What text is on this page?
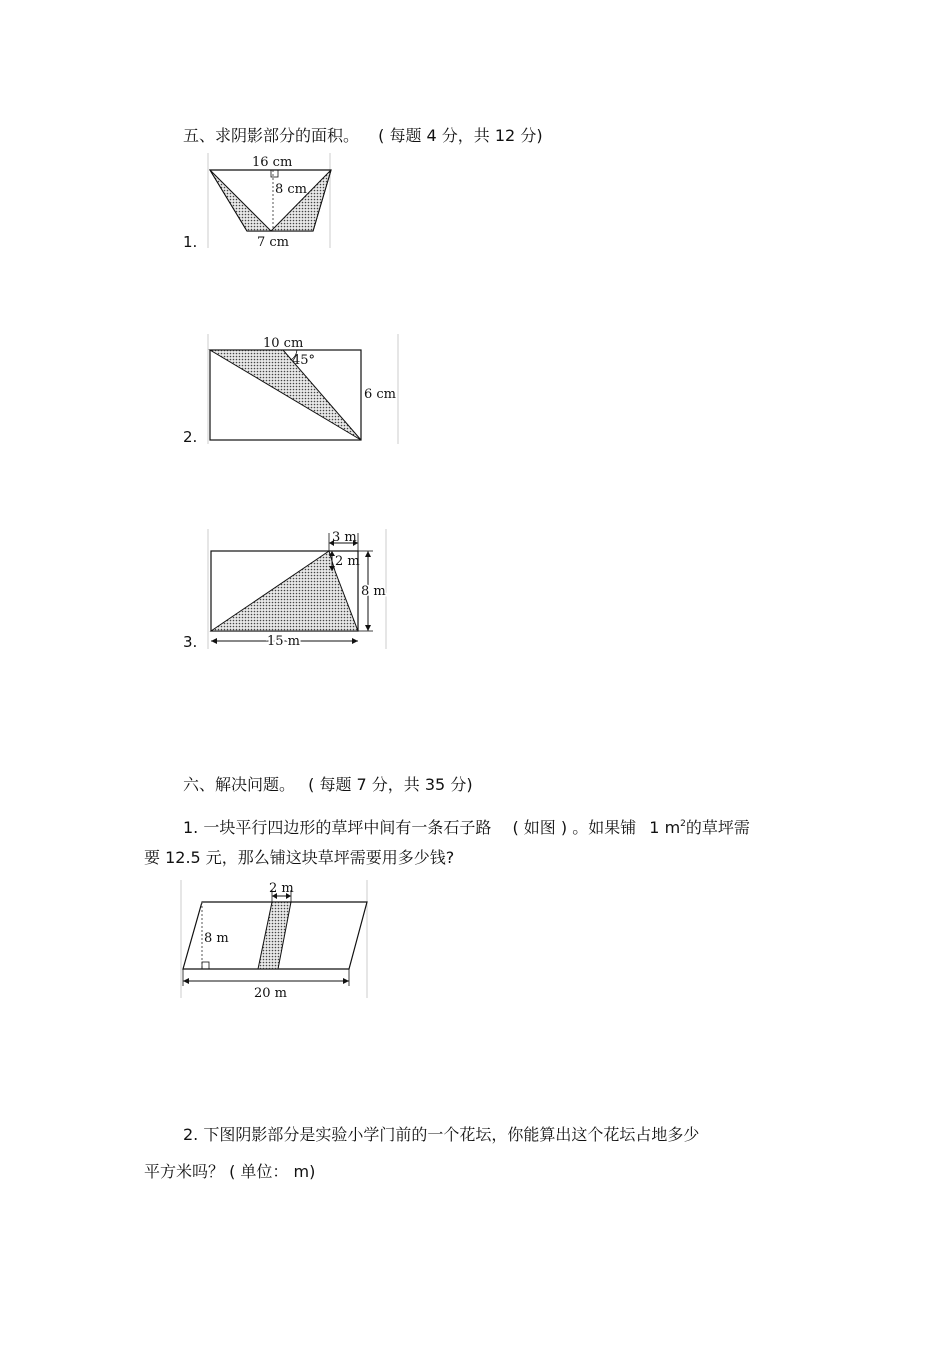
五、求阴影部分的面积。 ( 每题 4 分，共 12 分)
1.
16 cm
8 cm
7 cm
2.
10 cm
45°
6 cm
3.
3 m
2 m
8 m
15 m
六、解决问题。 ( 每题 7 分，共 35 分)
1. 一块平行四边形的草坪中间有一条石子路 ( 如图 ) 。如果铺 1 $m^2$的草坪需
要 12.5 元，那么铺这块草坪需要用多少钱?
8 m
2 m
20 m
2. 下图阴影部分是实验小学门前的一个花坛，你能算出这个花坛占地多少
平方米吗？ ( 单位： m)
